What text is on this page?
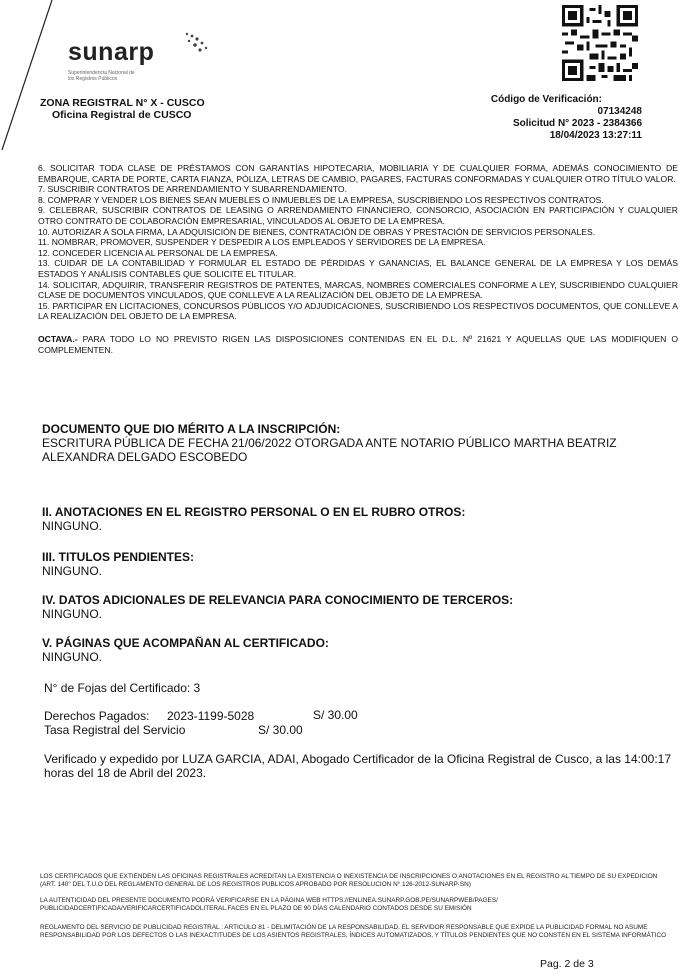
sunarp
Superintendencia Nacional de los Registros Públicos
ZONA REGISTRAL N° X - CUSCO
Oficina Registral de CUSCO
Código de Verificación:
07134248
Solicitud N° 2023 - 2384366
18/04/2023 13:27:11

6. SOLICITAR TODA CLASE DE PRÉSTAMOS CON GARANTÍAS HIPOTECARIA, MOBILIARIA Y DE CUALQUIER FORMA, ADEMÁS CONOCIMIENTO DE EMBARQUE, CARTA DE PORTE, CARTA FIANZA, PÓLIZA, LETRAS DE CAMBIO, PAGARES, FACTURAS CONFORMADAS Y CUALQUIER OTRO TÍTULO VALOR.

7. SUSCRIBIR CONTRATOS DE ARRENDAMIENTO Y SUBARRENDAMIENTO.

8. COMPRAR Y VENDER LOS BIENES SEAN MUEBLES O INMUEBLES DE LA EMPRESA, SUSCRIBIENDO LOS RESPECTIVOS CONTRATOS.

9. CELEBRAR, SUSCRIBIR CONTRATOS DE LEASING O ARRENDAMIENTO FINANCIERO, CONSORCIO, ASOCIACIÓN EN PARTICIPACIÓN Y CUALQUIER OTRO CONTRATO DE COLABORACIÓN EMPRESARIAL, VINCULADOS AL OBJETO DE LA EMPRESA.

10. AUTORIZAR A SOLA FIRMA, LA ADQUISICIÓN DE BIENES, CONTRATACIÓN DE OBRAS Y PRESTACIÓN DE SERVICIOS PERSONALES.

11. NOMBRAR, PROMOVER, SUSPENDER Y DESPEDIR A LOS EMPLEADOS Y SERVIDORES DE LA EMPRESA.

12. CONCEDER LICENCIA AL PERSONAL DE LA EMPRESA.

13. CUIDAR DE LA CONTABILIDAD Y FORMULAR EL ESTADO DE PÉRDIDAS Y GANANCIAS, EL BALANCE GENERAL DE LA EMPRESA Y LOS DEMÁS ESTADOS Y ANÁLISIS CONTABLES QUE SOLICITE EL TITULAR.

14. SOLICITAR, ADQUIRIR, TRANSFERIR REGISTROS DE PATENTES, MARCAS, NOMBRES COMERCIALES CONFORME A LEY, SUSCRIBIENDO CUALQUIER CLASE DE DOCUMENTOS VINCULADOS, QUE CONLLEVE A LA REALIZACIÓN DEL OBJETO DE LA EMPRESA.

15. PARTICIPAR EN LICITACIONES, CONCURSOS PÚBLICOS Y/O ADJUDICACIONES, SUSCRIBIENDO LOS RESPECTIVOS DOCUMENTOS, QUE CONLLEVE A LA REALIZACIÓN DEL OBJETO DE LA EMPRESA.

OCTAVA.- PARA TODO LO NO PREVISTO RIGEN LAS DISPOSICIONES CONTENIDAS EN EL D.L. Nº 21621 Y AQUELLAS QUE LAS MODIFIQUEN O COMPLEMENTEN.

DOCUMENTO QUE DIO MÉRITO A LA INSCRIPCIÓN:
ESCRITURA PÚBLICA DE FECHA 21/06/2022 OTORGADA ANTE NOTARIO PÚBLICO MARTHA BEATRIZ ALEXANDRA DELGADO ESCOBEDO
II. ANOTACIONES EN EL REGISTRO PERSONAL O EN EL RUBRO OTROS:
NINGUNO.
III. TITULOS PENDIENTES:
NINGUNO.
IV. DATOS ADICIONALES DE RELEVANCIA PARA CONOCIMIENTO DE TERCEROS:
NINGUNO.
V. PÁGINAS QUE ACOMPAÑAN AL CERTIFICADO:
NINGUNO.
N° de Fojas del Certificado: 3
Derechos Pagados: 2023-1199-5028	S/ 30.00
Tasa Registral del Servicio	S/ 30.00
Verificado y expedido por LUZA GARCIA, ADAI, Abogado Certificador de la Oficina Registral de Cusco, a las 14:00:17 horas del 18 de Abril del 2023.
LOS CERTIFICADOS QUE EXTIENDEN LAS OFICINAS REGISTRALES ACREDITAN LA EXISTENCIA O INEXISTENCIA DE INSCRIPCIONES O ANOTACIONES EN EL REGISTRO AL TIEMPO DE SU EXPEDICION (ART. 140° DEL T.U.O DEL REGLAMENTO GENERAL DE LOS REGISTROS PUBLICOS APROBADO POR RESOLUCION N° 126-2012-SUNARP-SN)
LA AUTENTICIDAD DEL PRESENTE DOCUMENTO PODRÁ VERIFICARSE EN LA PÁGINA WEB HTTPS://ENLINEA.SUNARP.GOB.PE/SUNARPWEB/PAGES/ PUBLICIDADCERTIFICADA/VERIFICARCERTIFICADOLITERAL.FACES EN EL PLAZO DE 90 DÍAS CALENDARIO CONTADOS DESDE SU EMISIÓN
REGLAMENTO DEL SERVICIO DE PUBLICIDAD REGISTRAL : ARTICULO 81 - DELIMITACIÓN DE LA RESPONSABILIDAD. EL SERVIDOR RESPONSABLE QUE EXPIDE LA PUBLICIDAD FORMAL NO ASUME RESPONSABILIDAD POR LOS DEFECTOS O LAS INEXACTITUDES DE LOS ASIENTOS REGISTRALES, ÍNDICES AUTOMATIZADOS, Y TÍTULOS PENDIENTES QUE NO CONSTEN EN EL SISTEMA INFORMÁTICO
Pag. 2 de 3
